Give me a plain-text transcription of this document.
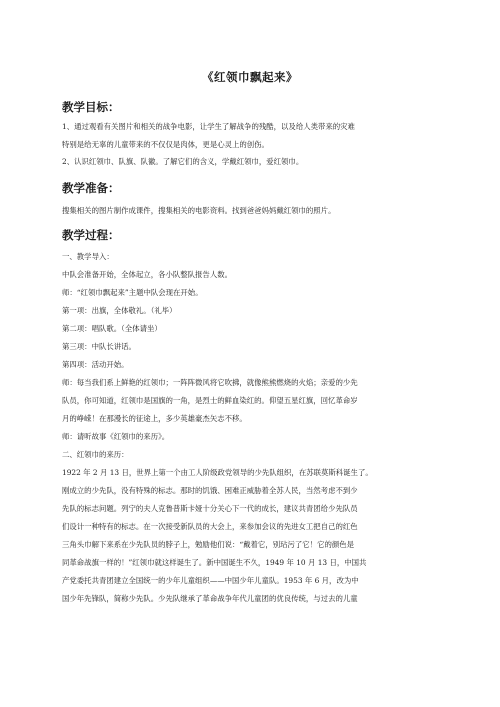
《红领巾飘起来》
教学目标：
1、通过观看有关图片和相关的战争电影，让学生了解战争的残酷，以及给人类带来的灾难
特别是给无辜的儿童带来的不仅仅是肉体，更是心灵上的创伤。
2、认识红领巾、队旗、队徽。了解它们的含义，学戴红领巾，爱红领巾。
教学准备：
搜集相关的图片制作成课件，搜集相关的电影资料。找到爸爸妈妈戴红领巾的照片。
教学过程：
一、教学导入：
中队会准备开始，全体起立，各小队整队报告人数。
师：“红领巾飘起来”主题中队会现在开始。
第一项：出旗，全体敬礼。（礼毕）
第二项：唱队歌。（全体请坐）
第三项：中队长讲话。
第四项：活动开始。
师：每当我们系上鲜艳的红领巾；一阵阵微风将它吹拂，就像熊熊燃烧的火焰；亲爱的少先
队员，你可知道，红领巾是国旗的一角，是烈士的鲜血染红的。仰望五星红旗，回忆革命岁
月的峥嵘！在那漫长的征途上，多少英雄豪杰矢志不移。
师：请听故事《红领巾的来历》。
二、红领巾的来历：
1922 年 2 月 13 日，世界上第一个由工人阶级政党领导的少先队组织，在苏联莫斯科诞生了。
刚成立的少先队，没有特殊的标志。那时的饥饿、困难正威胁着全苏人民，当然考虑不到少
先队的标志问题。列宁的夫人克鲁普斯卡娅十分关心下一代的成长，建议共青团给少先队员
们设计一种特有的标志。在一次接受新队员的大会上，来参加会议的先进女工把自己的红色
三角头巾解下来系在少先队员的脖子上，勉励他们说：“戴着它，别玷污了它！它的颜色是
同革命战旗一样的！”红领巾就这样诞生了。新中国诞生不久，1949 年 10 月 13 日，中国共
产党委托共青团建立全国统一的少年儿童组织——中国少年儿童队。1953 年 6 月，改为中
国少年先锋队，简称少先队。少先队继承了革命战争年代儿童团的优良传统，与过去的儿童
